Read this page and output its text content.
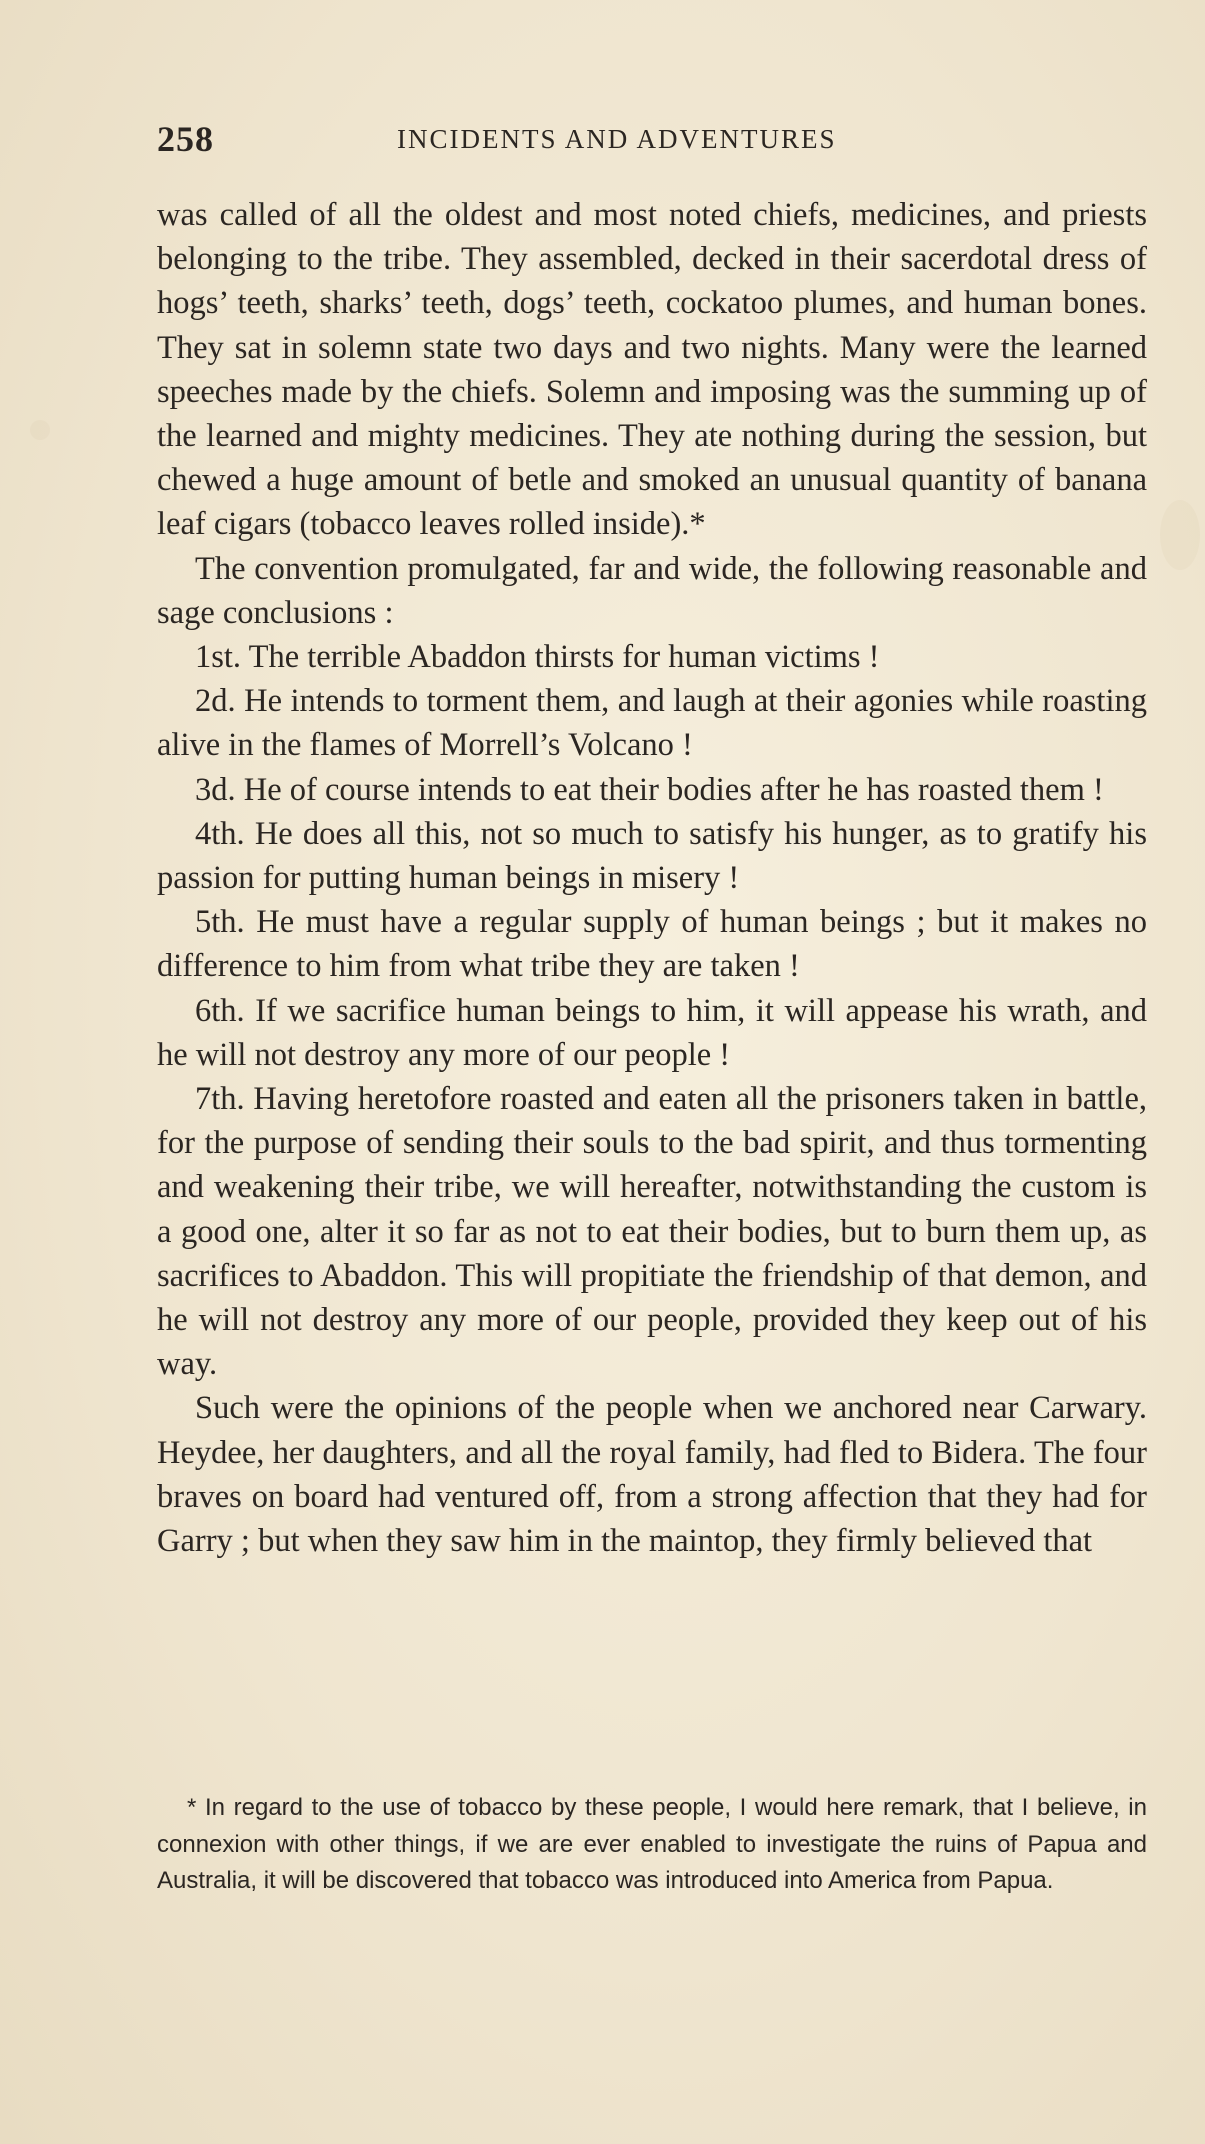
258	INCIDENTS AND ADVENTURES

was called of all the oldest and most noted chiefs, medicines, and priests belonging to the tribe. They assembled, decked in their sacerdotal dress of hogs’ teeth, sharks’ teeth, dogs’ teeth, cockatoo plumes, and human bones. They sat in solemn state two days and two nights. Many were the learned speeches made by the chiefs. Solemn and imposing was the summing up of the learned and mighty medicines. They ate nothing during the session, but chewed a huge amount of betle and smoked an unusual quantity of banana leaf cigars (tobacco leaves rolled inside).*

The convention promulgated, far and wide, the following reasonable and sage conclusions :

1st. The terrible Abaddon thirsts for human victims !

2d. He intends to torment them, and laugh at their agonies while roasting alive in the flames of Morrell’s Volcano !

3d. He of course intends to eat their bodies after he has roasted them !

4th. He does all this, not so much to satisfy his hunger, as to gratify his passion for putting human beings in misery !

5th. He must have a regular supply of human beings ; but it makes no difference to him from what tribe they are taken !

6th. If we sacrifice human beings to him, it will appease his wrath, and he will not destroy any more of our people !

7th. Having heretofore roasted and eaten all the prisoners taken in battle, for the purpose of sending their souls to the bad spirit, and thus tormenting and weakening their tribe, we will hereafter, notwithstanding the custom is a good one, alter it so far as not to eat their bodies, but to burn them up, as sacrifices to Abaddon. This will propitiate the friendship of that demon, and he will not destroy any more of our people, provided they keep out of his way.

Such were the opinions of the people when we anchored near Carwary. Heydee, her daughters, and all the royal family, had fled to Bidera. The four braves on board had ventured off, from a strong affection that they had for Garry ; but when they saw him in the maintop, they firmly believed that

* In regard to the use of tobacco by these people, I would here remark, that I believe, in connexion with other things, if we are ever enabled to investigate the ruins of Papua and Australia, it will be discovered that tobacco was introduced into America from Papua.
